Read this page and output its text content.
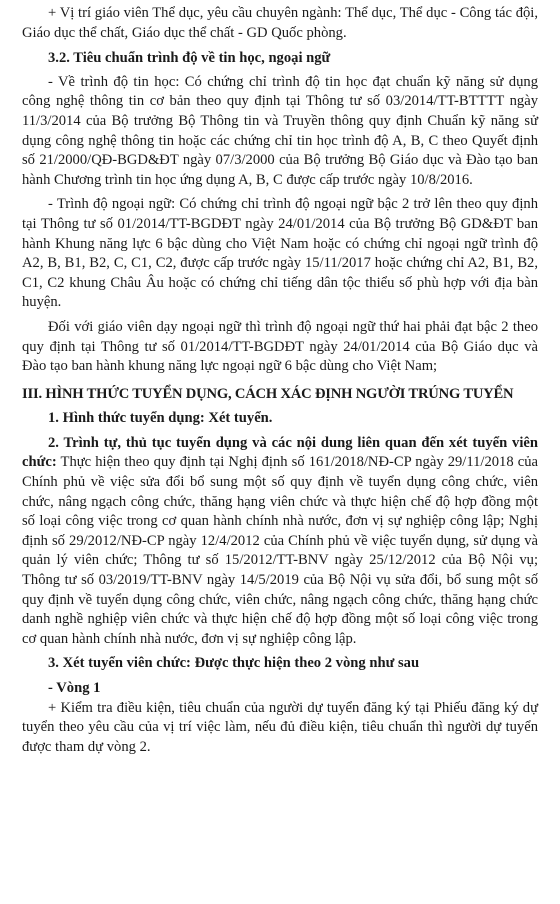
+ Vị trí giáo viên Thể dục, yêu cầu chuyên ngành: Thể dục, Thể dục - Công tác đội, Giáo dục thể chất, Giáo dục thể chất - GD Quốc phòng.

3.2. Tiêu chuẩn trình độ về tin học, ngoại ngữ

- Về trình độ tin học: Có chứng chỉ trình độ tin học đạt chuẩn kỹ năng sử dụng công nghệ thông tin cơ bản theo quy định tại Thông tư số 03/2014/TT-BTTTT ngày 11/3/2014 của Bộ trưởng Bộ Thông tin và Truyền thông quy định Chuẩn kỹ năng sử dụng công nghệ thông tin hoặc các chứng chỉ tin học trình độ A, B, C theo Quyết định số 21/2000/QĐ-BGD&ĐT ngày 07/3/2000 của Bộ trưởng Bộ Giáo dục và Đào tạo ban hành Chương trình tin học ứng dụng A, B, C được cấp trước ngày 10/8/2016.

- Trình độ ngoại ngữ: Có chứng chỉ trình độ ngoại ngữ bậc 2 trở lên theo quy định tại Thông tư số 01/2014/TT-BGDĐT ngày 24/01/2014 của Bộ trưởng Bộ GD&ĐT ban hành Khung năng lực 6 bậc dùng cho Việt Nam hoặc có chứng chỉ ngoại ngữ trình độ A2, B, B1, B2, C, C1, C2, được cấp trước ngày 15/11/2017 hoặc chứng chỉ A2, B1, B2, C1, C2 khung Châu Âu hoặc có chứng chỉ tiếng dân tộc thiểu số phù hợp với địa bàn huyện.

Đối với giáo viên dạy ngoại ngữ thì trình độ ngoại ngữ thứ hai phải đạt bậc 2 theo quy định tại Thông tư số 01/2014/TT-BGDĐT ngày 24/01/2014 của Bộ Giáo dục và Đào tạo ban hành khung năng lực ngoại ngữ 6 bậc dùng cho Việt Nam;

III. HÌNH THỨC TUYỂN DỤNG, CÁCH XÁC ĐỊNH NGƯỜI TRÚNG TUYỂN

1. Hình thức tuyển dụng: Xét tuyển.

2. Trình tự, thủ tục tuyển dụng và các nội dung liên quan đến xét tuyển viên chức: Thực hiện theo quy định tại Nghị định số 161/2018/NĐ-CP ngày 29/11/2018 của Chính phủ về việc sửa đổi bổ sung một số quy định về tuyển dụng công chức, viên chức, nâng ngạch công chức, thăng hạng viên chức và thực hiện chế độ hợp đồng một số loại công việc trong cơ quan hành chính nhà nước, đơn vị sự nghiệp công lập; Nghị định số 29/2012/NĐ-CP ngày 12/4/2012 của Chính phủ về việc tuyển dụng, sử dụng và quản lý viên chức; Thông tư số 15/2012/TT-BNV ngày 25/12/2012 của Bộ Nội vụ; Thông tư số 03/2019/TT-BNV ngày 14/5/2019 của Bộ Nội vụ sửa đổi, bổ sung một số quy định về tuyển dụng công chức, viên chức, nâng ngạch công chức, thăng hạng chức danh nghề nghiệp viên chức và thực hiện chế độ hợp đồng một số loại công việc trong cơ quan hành chính nhà nước, đơn vị sự nghiệp công lập.

3. Xét tuyển viên chức: Được thực hiện theo 2 vòng như sau

- Vòng 1

+ Kiểm tra điều kiện, tiêu chuẩn của người dự tuyển đăng ký tại Phiếu đăng ký dự tuyển theo yêu cầu của vị trí việc làm, nếu đủ điều kiện, tiêu chuẩn thì người dự tuyển được tham dự vòng 2.
